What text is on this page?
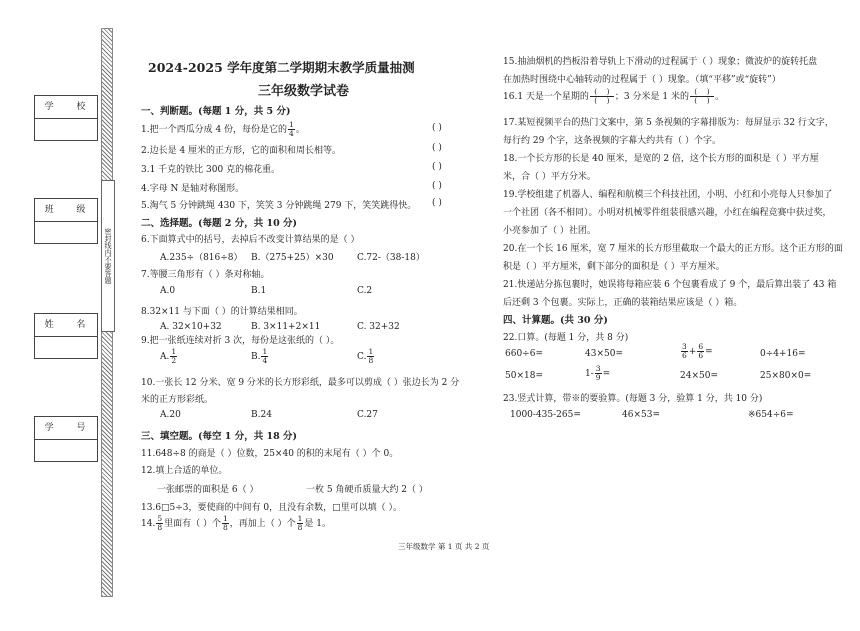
密封线内不要答题
学 校
班 级
姓 名
学 号
2024-2025 学年度第二学期期末教学质量抽测
三年级数学试卷
一、判断题。(每题 1 分，共 5 分)
1.把一个西瓜分成 4 份，每份是它的 $\frac{1}{4}$ 。	( )
2.边长是 4 厘米的正方形，它的面积和周长相等。	( )
3.1 千克的铁比 300 克的棉花重。	( )
4.字母 N 是轴对称图形。	( )
5.淘气 5 分钟跳绳 430 下，笑笑 3 分钟跳绳 279 下，笑笑跳得快。 ( )
二、选择题。(每题 2 分，共 10 分)
6.下面算式中的括号，去掉后不改变计算结果的是（ ）
A.235÷（816÷8） B.（275+25）×30	C.72-（38-18）
7.等腰三角形有（ ）条对称轴。
A.0	B.1	C.2
8.32×11 与下面（ ）的计算结果相同。
A. 32×10+32	B. 3×11+2×11	C. 32+32
9.把一张纸连续对折 3 次，每份是这张纸的（ ）。
A. $\frac{1}{2}$	B. $\frac{1}{4}$	C. $\frac{1}{8}$
10.一张长 12 分米、宽 9 分米的长方形彩纸，最多可以剪成（ ）张边长为 2 分
米的正方形彩纸。
A.20	B.24	C.27
三、填空题。(每空 1 分，共 18 分)
11.648÷8 的商是（ ）位数，25×40 的积的末尾有（ ）个 0。
12.填上合适的单位。
一张邮票的面积是 6（ ）	一枚 5 角硬币质量大约 2（ ）
13.6□5÷3，要使商的中间有 0，且没有余数，□里可以填（ ）。
14. $\frac{5}{8}$ 里面有（ ）个 $\frac{1}{8}$ ，再加上（ ）个 $\frac{1}{8}$ 是 1。
15.抽油烟机的挡板沿着导轨上下滑动的过程属于（ ）现象；微波炉的旋转托盘
在加热时围绕中心轴转动的过程属于（ ）现象。（填“平移”或“旋转”）
16.1 天是一个星期的 $\frac{( )}{( )}$ ；3 分米是 1 米的 $\frac{( )}{( )}$ 。
17.某短视频平台的热门文案中，第 5 条视频的字幕排版为：每屏显示 32 行文字，
每行约 29 个字，这条视频的字幕大约共有（ ）个字。
18.一个长方形的长是 40 厘米，是宽的 2 倍，这个长方形的面积是（ ）平方厘
米，合（ ）平方分米。
19.学校组建了机器人、编程和航模三个科技社团，小明、小红和小亮每人只参加了
一个社团（各不相同）。小明对机械零件组装很感兴趣，小红在编程竞赛中获过奖，
小亮参加了（ ）社团。
20.在一个长 16 厘米，宽 7 厘米的长方形里截取一个最大的正方形。这个正方形的面
积是（ ）平方厘米，剩下部分的面积是（ ）平方厘米。
21.快递站分拣包裹时，她误将每箱应装 6 个包裹看成了 9 个，最后算出装了 43 箱
后还剩 3 个包裹。实际上，正确的装箱结果应该是（ ）箱。
四、计算题。(共 30 分)
22.口算。(每题 1 分，共 8 分)
660÷6=	43×50=	$\frac{3}{6} + \frac{6}{6}$ =	0÷4+16=
50×18=	$1- \frac{3}{9}$ =	24×50=	25×80×0=
23.竖式计算，带※的要验算。(每题 3 分，验算 1 分，共 10 分)
1000-435-265=	46×53=	※654÷6=
三年级数学 第 1 页 共 2 页
